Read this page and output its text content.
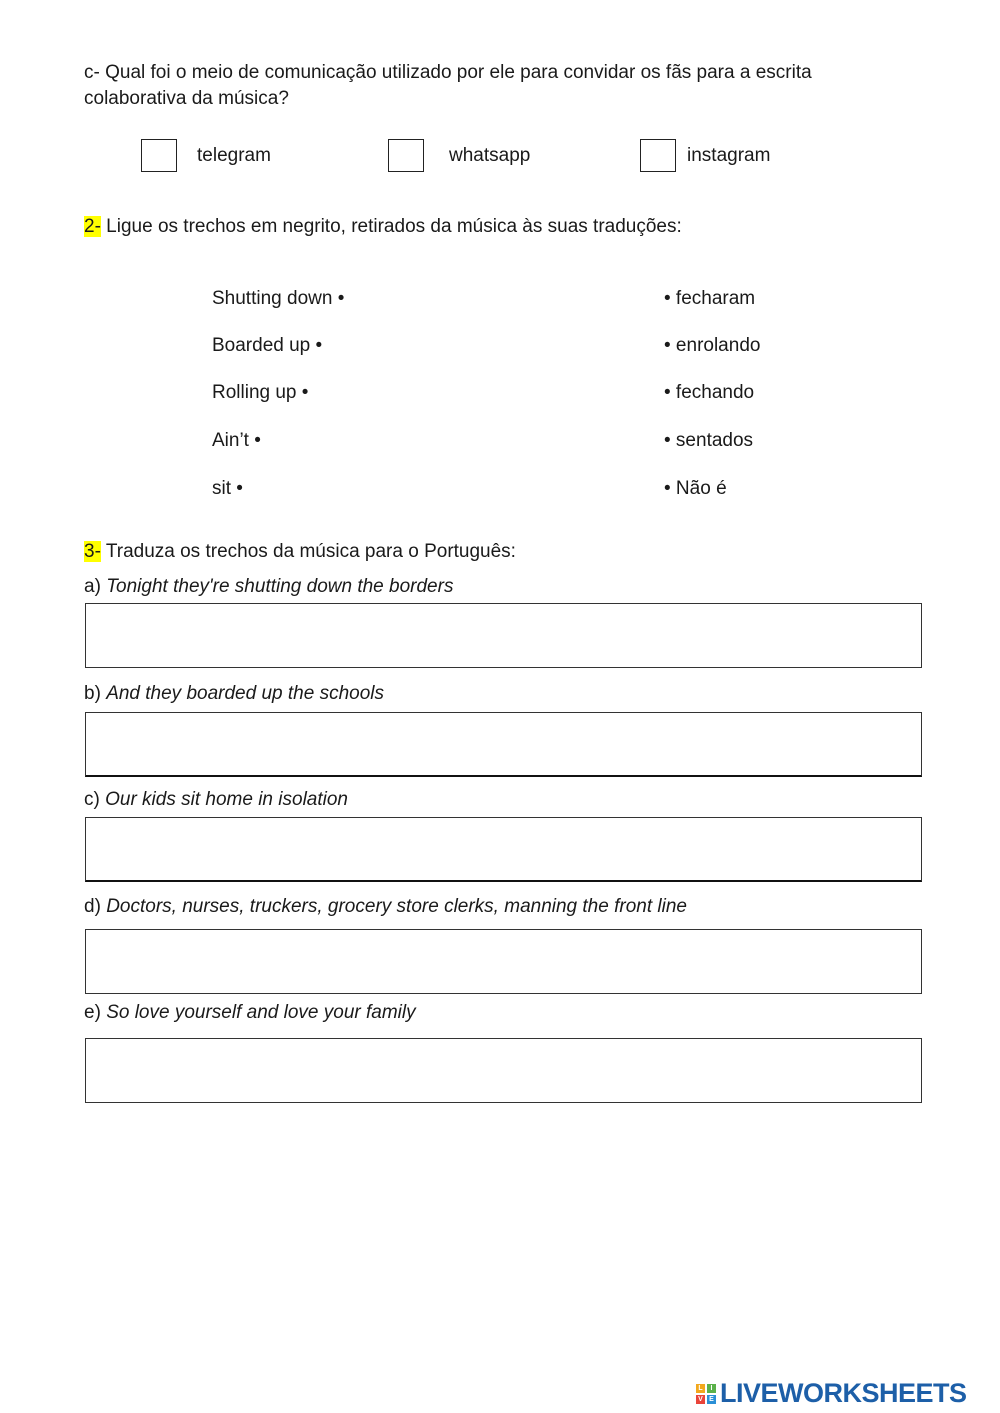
c- Qual foi o meio de comunicação utilizado por ele para convidar os fãs para a escrita colaborativa da música?
telegram	whatsapp	instagram
2- Ligue os trechos em negrito, retirados da música às suas traduções:
Shutting down •
Boarded up •
Rolling up •
Ain’t •
sit •
• fecharam
• enrolando
• fechando
• sentados
• Não é
3- Traduza os trechos da música para o Português:
a) Tonight they're shutting down the borders
b) And they boarded up the schools
c) Our kids sit home in isolation
d) Doctors, nurses, truckers, grocery store clerks, manning the front line
e) So love yourself and love your family
L	I
V E LIVEWORKSHEETS
